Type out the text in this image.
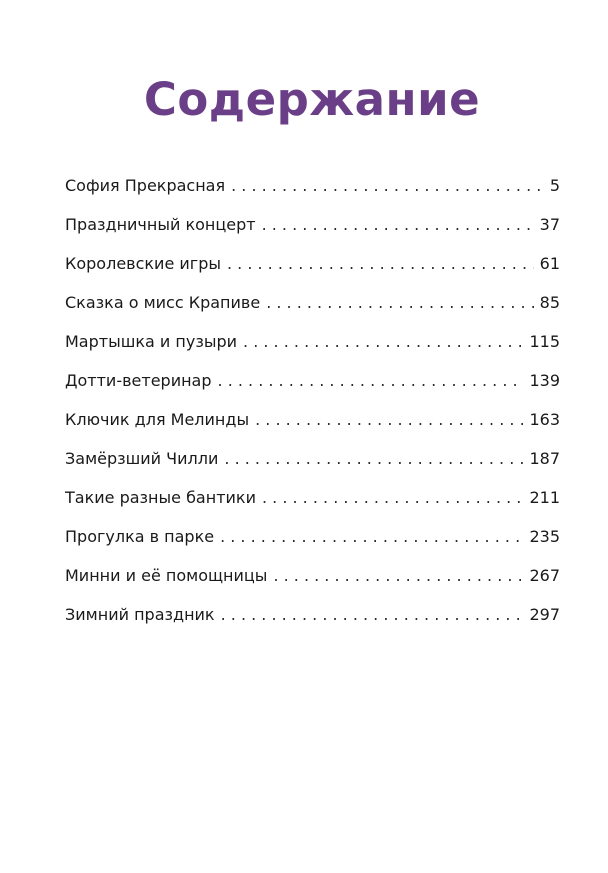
Содержание
София Прекрасная . . .	5
Праздничный концерт . . .	37
Королевские игры . . .	61
Сказка о мисс Крапиве . . .	85
Мартышка и пузыри . . .	115
Дотти-ветеринар . . .	139
Ключик для Мелинды . . .	163
Замёрзший Чилли . . .	187
Такие разные бантики . . .	211
Прогулка в парке . . .	235
Минни и её помощницы . . .	267
Зимний праздник . . .	297
